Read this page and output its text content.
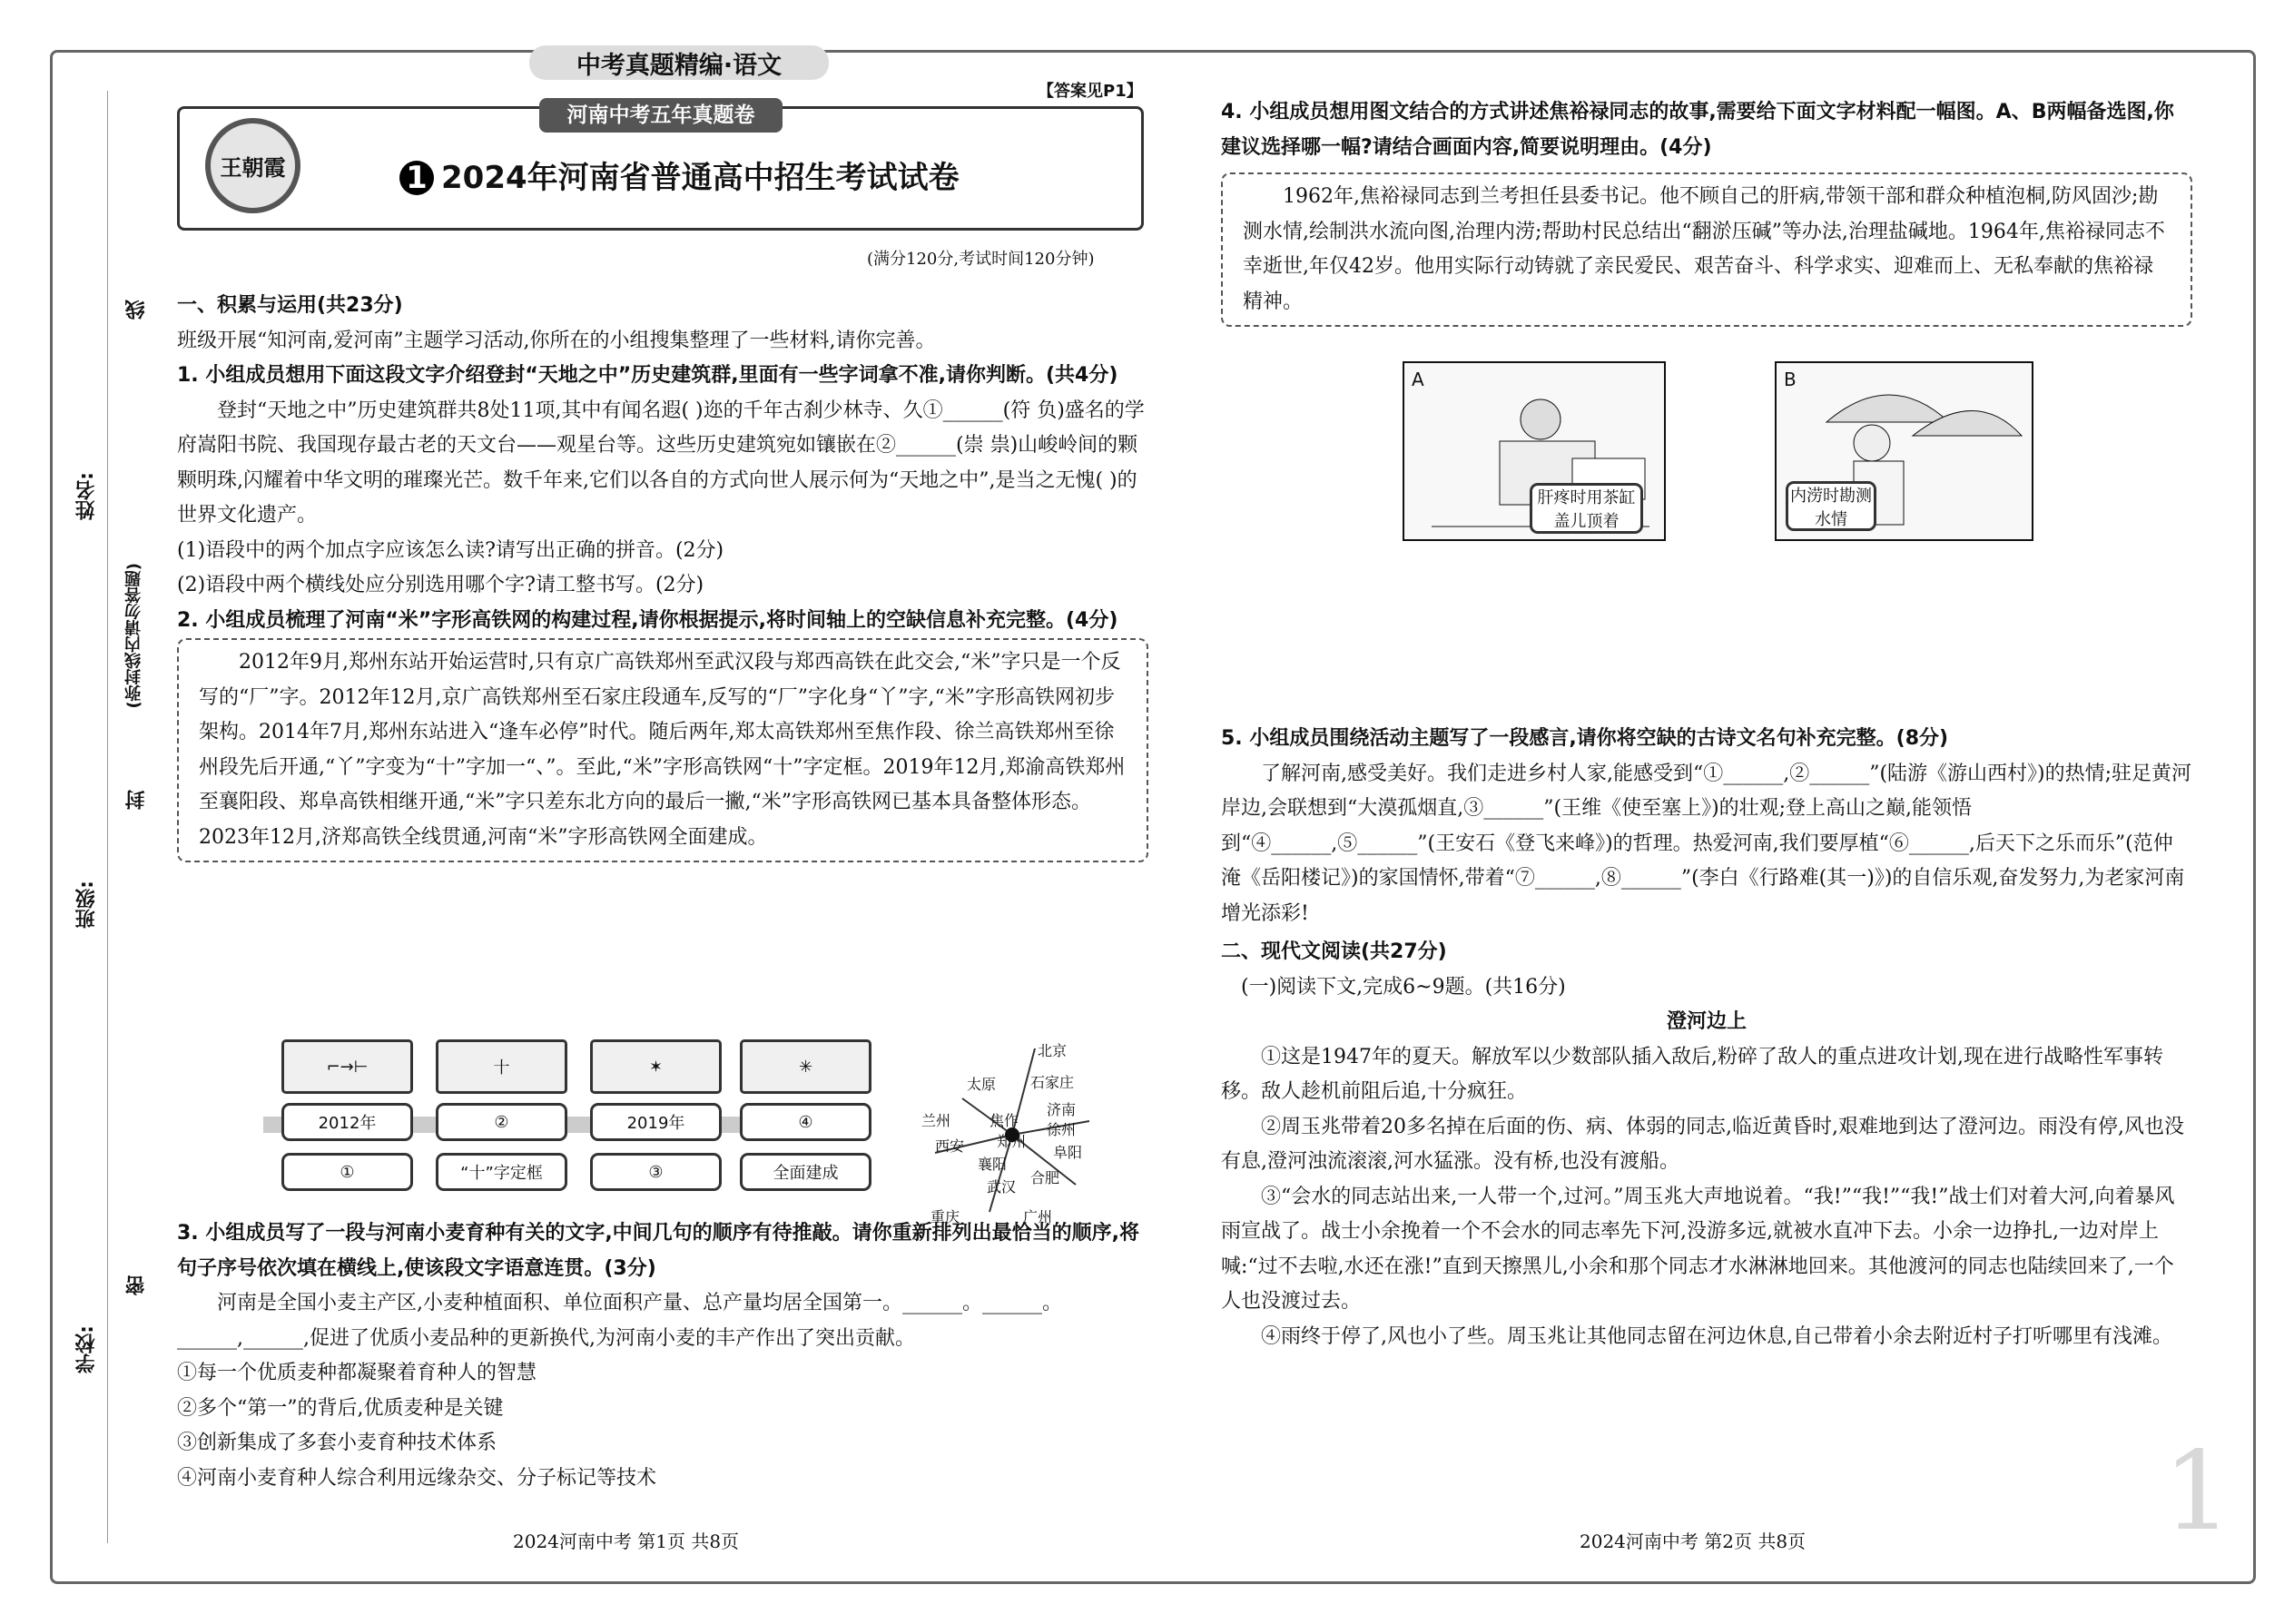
中考真题精编·语文
【答案见P1】
王朝霞
河南中考五年真题卷
1 2024年河南省普通高中招生考试试卷
(满分120分,考试时间120分钟)
姓名:
班级:
学校:
线
封
密
(弥封线内请勿答题)
一、积累与运用(共23分)
班级开展“知河南,爱河南”主题学习活动,你所在的小组搜集整理了一些材料,请你完善。
1. 小组成员想用下面这段文字介绍登封“天地之中”历史建筑群,里面有一些字词拿不准,请你判断。(共4分)
登封“天地之中”历史建筑群共8处11项,其中有闻名遐( )迩的千年古刹少林寺、久①______(符 负)盛名的学府嵩阳书院、我国现存最古老的天文台——观星台等。这些历史建筑宛如镶嵌在②______(崇 祟)山峻岭间的颗颗明珠,闪耀着中华文明的璀璨光芒。数千年来,它们以各自的方式向世人展示何为“天地之中”,是当之无愧( )的世界文化遗产。
(1)语段中的两个加点字应该怎么读?请写出正确的拼音。(2分)
(2)语段中两个横线处应分别选用哪个字?请工整书写。(2分)
2. 小组成员梳理了河南“米”字形高铁网的构建过程,请你根据提示,将时间轴上的空缺信息补充完整。(4分)
2012年9月,郑州东站开始运营时,只有京广高铁郑州至武汉段与郑西高铁在此交会,“米”字只是一个反写的“厂”字。2012年12月,京广高铁郑州至石家庄段通车,反写的“厂”字化身“丫”字,“米”字形高铁网初步架构。2014年7月,郑州东站进入“逢车必停”时代。随后两年,郑太高铁郑州至焦作段、徐兰高铁郑州至徐州段先后开通,“丫”字变为“十”字加一“、”。至此,“米”字形高铁网“十”字定框。2019年12月,郑渝高铁郑州至襄阳段、郑阜高铁相继开通,“米”字只差东北方向的最后一撇,“米”字形高铁网已基本具备整体形态。2023年12月,济郑高铁全线贯通,河南“米”字形高铁网全面建成。
⌐→⊢	十	✶	✳
2012年	②	2019年	④
①	“十”字定框	③	全面建成
北京
太原 石家庄
济南
兰州
西安
焦作
郑州
徐州
阜阳
襄阳
合肥
武汉
重庆	广州
3. 小组成员写了一段与河南小麦育种有关的文字,中间几句的顺序有待推敲。请你重新排列出最恰当的顺序,将句子序号依次填在横线上,使该段文字语意连贯。(3分)
河南是全国小麦主产区,小麦种植面积、单位面积产量、总产量均居全国第一。______。______。______,______,促进了优质小麦品种的更新换代,为河南小麦的丰产作出了突出贡献。
①每一个优质麦种都凝聚着育种人的智慧
②多个“第一”的背后,优质麦种是关键
③创新集成了多套小麦育种技术体系
④河南小麦育种人综合利用远缘杂交、分子标记等技术
2024河南中考 第1页 共8页
4. 小组成员想用图文结合的方式讲述焦裕禄同志的故事,需要给下面文字材料配一幅图。A、B两幅备选图,你建议选择哪一幅?请结合画面内容,简要说明理由。(4分)
1962年,焦裕禄同志到兰考担任县委书记。他不顾自己的肝病,带领干部和群众种植泡桐,防风固沙;勘测水情,绘制洪水流向图,治理内涝;帮助村民总结出“翻淤压碱”等办法,治理盐碱地。1964年,焦裕禄同志不幸逝世,年仅42岁。他用实际行动铸就了亲民爱民、艰苦奋斗、科学求实、迎难而上、无私奉献的焦裕禄精神。
A
肝疼时用茶缸盖儿顶着
B
内涝时勘测水情
5. 小组成员围绕活动主题写了一段感言,请你将空缺的古诗文名句补充完整。(8分)
了解河南,感受美好。我们走进乡村人家,能感受到“①______,②______”(陆游《游山西村》)的热情;驻足黄河岸边,会联想到“大漠孤烟直,③______”(王维《使至塞上》)的壮观;登上高山之巅,能领悟到“④______,⑤______”(王安石《登飞来峰》)的哲理。热爱河南,我们要厚植“⑥______,后天下之乐而乐”(范仲淹《岳阳楼记》)的家国情怀,带着“⑦______,⑧______”(李白《行路难(其一)》)的自信乐观,奋发努力,为老家河南增光添彩!
二、现代文阅读(共27分)
(一)阅读下文,完成6~9题。(共16分)
澄河边上
①这是1947年的夏天。解放军以少数部队插入敌后,粉碎了敌人的重点进攻计划,现在进行战略性军事转移。敌人趁机前阻后追,十分疯狂。
②周玉兆带着20多名掉在后面的伤、病、体弱的同志,临近黄昏时,艰难地到达了澄河边。雨没有停,风也没有息,澄河浊流滚滚,河水猛涨。没有桥,也没有渡船。
③“会水的同志站出来,一人带一个,过河。”周玉兆大声地说着。“我!”“我!”“我!”战士们对着大河,向着暴风雨宣战了。战士小余挽着一个不会水的同志率先下河,没游多远,就被水直冲下去。小余一边挣扎,一边对岸上喊:“过不去啦,水还在涨!”直到天擦黑儿,小余和那个同志才水淋淋地回来。其他渡河的同志也陆续回来了,一个人也没渡过去。
④雨终于停了,风也小了些。周玉兆让其他同志留在河边休息,自己带着小余去附近村子打听哪里有浅滩。
2024河南中考 第2页 共8页	1
